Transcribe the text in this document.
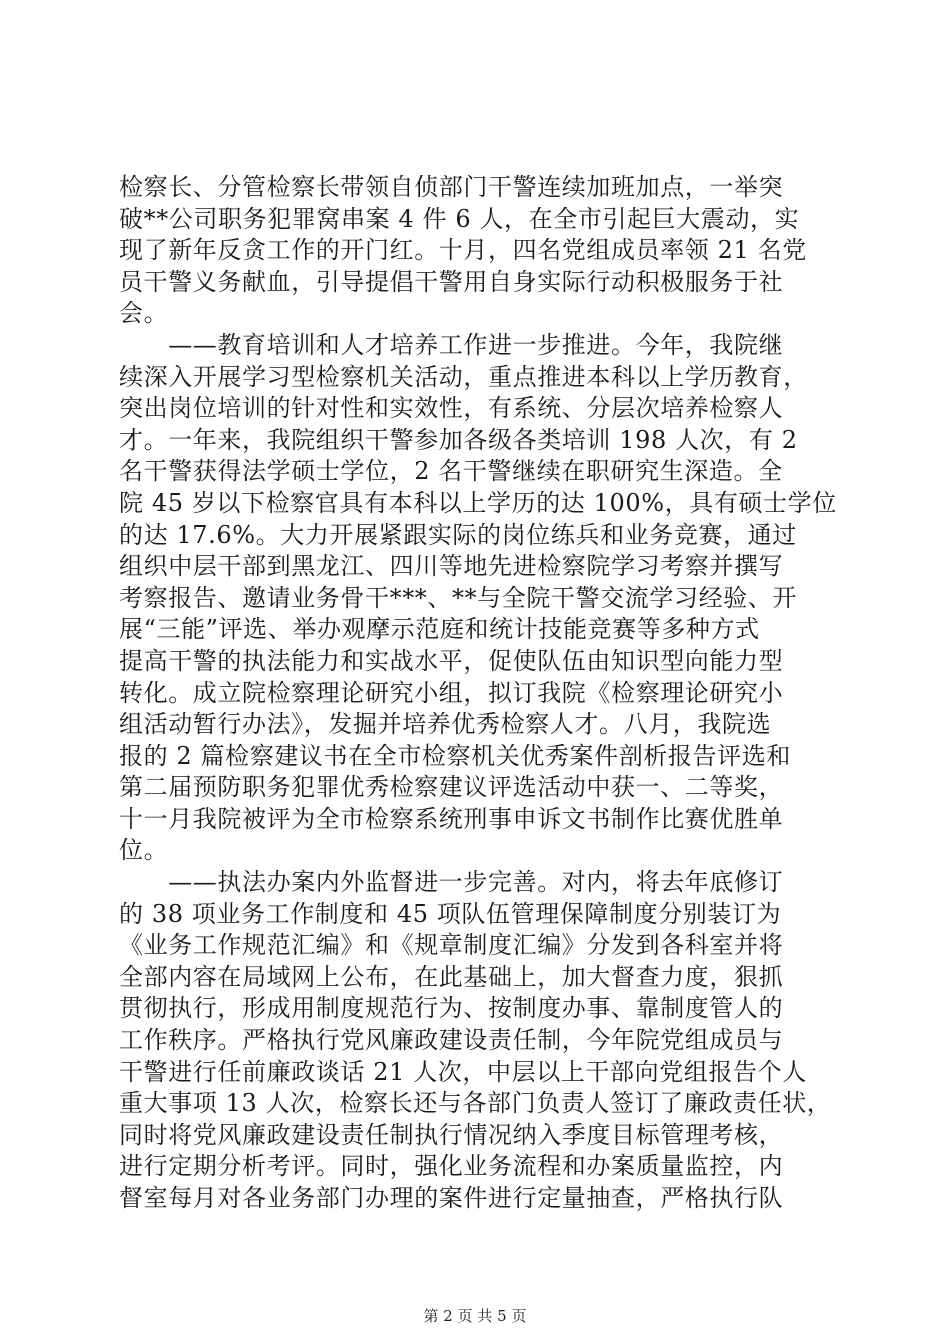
检察长、分管检察长带领自侦部门干警连续加班加点，一举突
破**公司职务犯罪窝串案 4 件 6 人，在全市引起巨大震动，实
现了新年反贪工作的开门红。十月，四名党组成员率领 21 名党
员干警义务献血，引导提倡干警用自身实际行动积极服务于社
会。
　　——教育培训和人才培养工作进一步推进。今年，我院继
续深入开展学习型检察机关活动，重点推进本科以上学历教育，
突出岗位培训的针对性和实效性，有系统、分层次培养检察人
才。一年来，我院组织干警参加各级各类培训 198 人次，有 2
名干警获得法学硕士学位，2 名干警继续在职研究生深造。全
院 45 岁以下检察官具有本科以上学历的达 100%，具有硕士学位
的达 17.6%。大力开展紧跟实际的岗位练兵和业务竞赛，通过
组织中层干部到黑龙江、四川等地先进检察院学习考察并撰写
考察报告、邀请业务骨干***、**与全院干警交流学习经验、开
展“三能”评选、举办观摩示范庭和统计技能竞赛等多种方式
提高干警的执法能力和实战水平，促使队伍由知识型向能力型
转化。成立院检察理论研究小组，拟订我院《检察理论研究小
组活动暂行办法》，发掘并培养优秀检察人才。八月，我院选
报的 2 篇检察建议书在全市检察机关优秀案件剖析报告评选和
第二届预防职务犯罪优秀检察建议评选活动中获一、二等奖，
十一月我院被评为全市检察系统刑事申诉文书制作比赛优胜单
位。
　　——执法办案内外监督进一步完善。对内，将去年底修订
的 38 项业务工作制度和 45 项队伍管理保障制度分别装订为
《业务工作规范汇编》和《规章制度汇编》分发到各科室并将
全部内容在局域网上公布，在此基础上，加大督查力度，狠抓
贯彻执行，形成用制度规范行为、按制度办事、靠制度管人的
工作秩序。严格执行党风廉政建设责任制，今年院党组成员与
干警进行任前廉政谈话 21 人次，中层以上干部向党组报告个人
重大事项 13 人次，检察长还与各部门负责人签订了廉政责任状，
同时将党风廉政建设责任制执行情况纳入季度目标管理考核，
进行定期分析考评。同时，强化业务流程和办案质量监控，内
督室每月对各业务部门办理的案件进行定量抽查，严格执行队
第 2 页 共 5 页
